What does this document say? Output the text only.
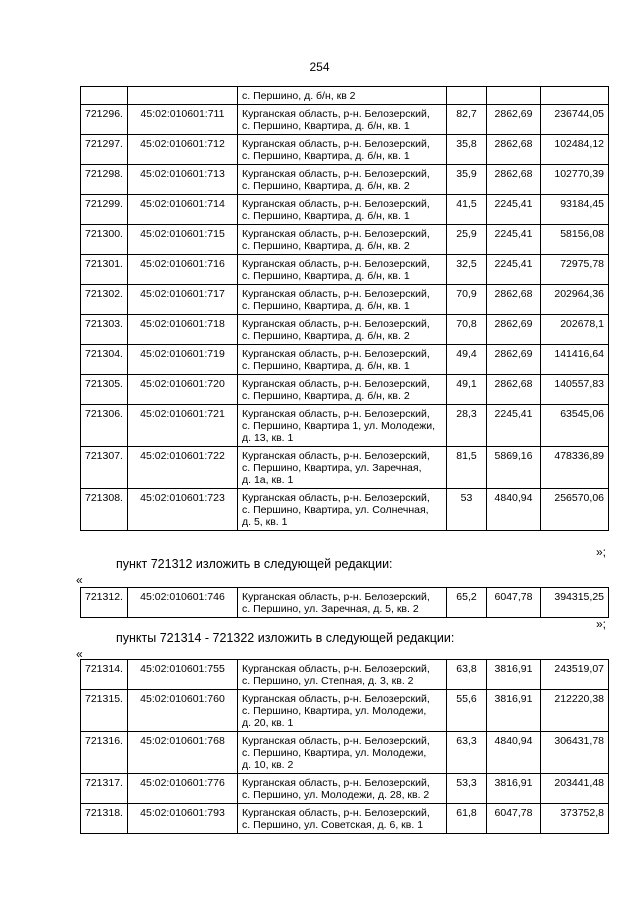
254
		с. Першино, д. б/н, кв 2			
721296.	45:02:010601:711	Курганская область, р-н. Белозерский,
с. Першино, Квартира, д. б/н, кв. 1	82,7	2862,69	236744,05
721297.	45:02:010601:712	Курганская область, р-н. Белозерский,
с. Першино, Квартира, д. б/н, кв. 1	35,8	2862,68	102484,12
721298.	45:02:010601:713	Курганская область, р-н. Белозерский,
с. Першино, Квартира, д. б/н, кв. 2	35,9	2862,68	102770,39
721299.	45:02:010601:714	Курганская область, р-н. Белозерский,
с. Першино, Квартира, д. б/н, кв. 1	41,5	2245,41	93184,45
721300.	45:02:010601:715	Курганская область, р-н. Белозерский,
с. Першино, Квартира, д. б/н, кв. 2	25,9	2245,41	58156,08
721301.	45:02:010601:716	Курганская область, р-н. Белозерский,
с. Першино, Квартира, д. б/н, кв. 1	32,5	2245,41	72975,78
721302.	45:02:010601:717	Курганская область, р-н. Белозерский,
с. Першино, Квартира, д. б/н, кв. 1	70,9	2862,68	202964,36
721303.	45:02:010601:718	Курганская область, р-н. Белозерский,
с. Першино, Квартира, д. б/н, кв. 2	70,8	2862,69	202678,1
721304.	45:02:010601:719	Курганская область, р-н. Белозерский,
с. Першино, Квартира, д. б/н, кв. 1	49,4	2862,69	141416,64
721305.	45:02:010601:720	Курганская область, р-н. Белозерский,
с. Першино, Квартира, д. б/н, кв. 2	49,1	2862,68	140557,83
721306.	45:02:010601:721	Курганская область, р-н. Белозерский,
с. Першино, Квартира 1, ул. Молодежи,
д. 13, кв. 1	28,3	2245,41	63545,06
721307.	45:02:010601:722	Курганская область, р-н. Белозерский,
с. Першино, Квартира, ул. Заречная,
д. 1а, кв. 1	81,5	5869,16	478336,89
721308.	45:02:010601:723	Курганская область, р-н. Белозерский,
с. Першино, Квартира, ул. Солнечная,
д. 5, кв. 1	53	4840,94	256570,06
»;
пункт 721312 изложить в следующей редакции:
«
721312.	45:02:010601:746	Курганская область, р-н. Белозерский,
с. Першино, ул. Заречная, д. 5, кв. 2
	65,2	6047,78	394315,25
»;
пункты 721314 - 721322 изложить в следующей редакции:
«
721314.	45:02:010601:755	Курганская область, р-н. Белозерский,
с. Першино, ул. Степная, д. 3, кв. 2	63,8	3816,91	243519,07
721315.	45:02:010601:760	Курганская область, р-н. Белозерский,
с. Першино, Квартира, ул. Молодежи,
д. 20, кв. 1	55,6	3816,91	212220,38
721316.	45:02:010601:768	Курганская область, р-н. Белозерский,
с. Першино, Квартира, ул. Молодежи,
д. 10, кв. 2	63,3	4840,94	306431,78
721317.	45:02:010601:776	Курганская область, р-н. Белозерский,
с. Першино, ул. Молодежи, д. 28, кв. 2	53,3	3816,91	203441,48
721318.	45:02:010601:793	Курганская область, р-н. Белозерский,
с. Першино, ул. Советская, д. 6, кв. 1	61,8	6047,78	373752,8
